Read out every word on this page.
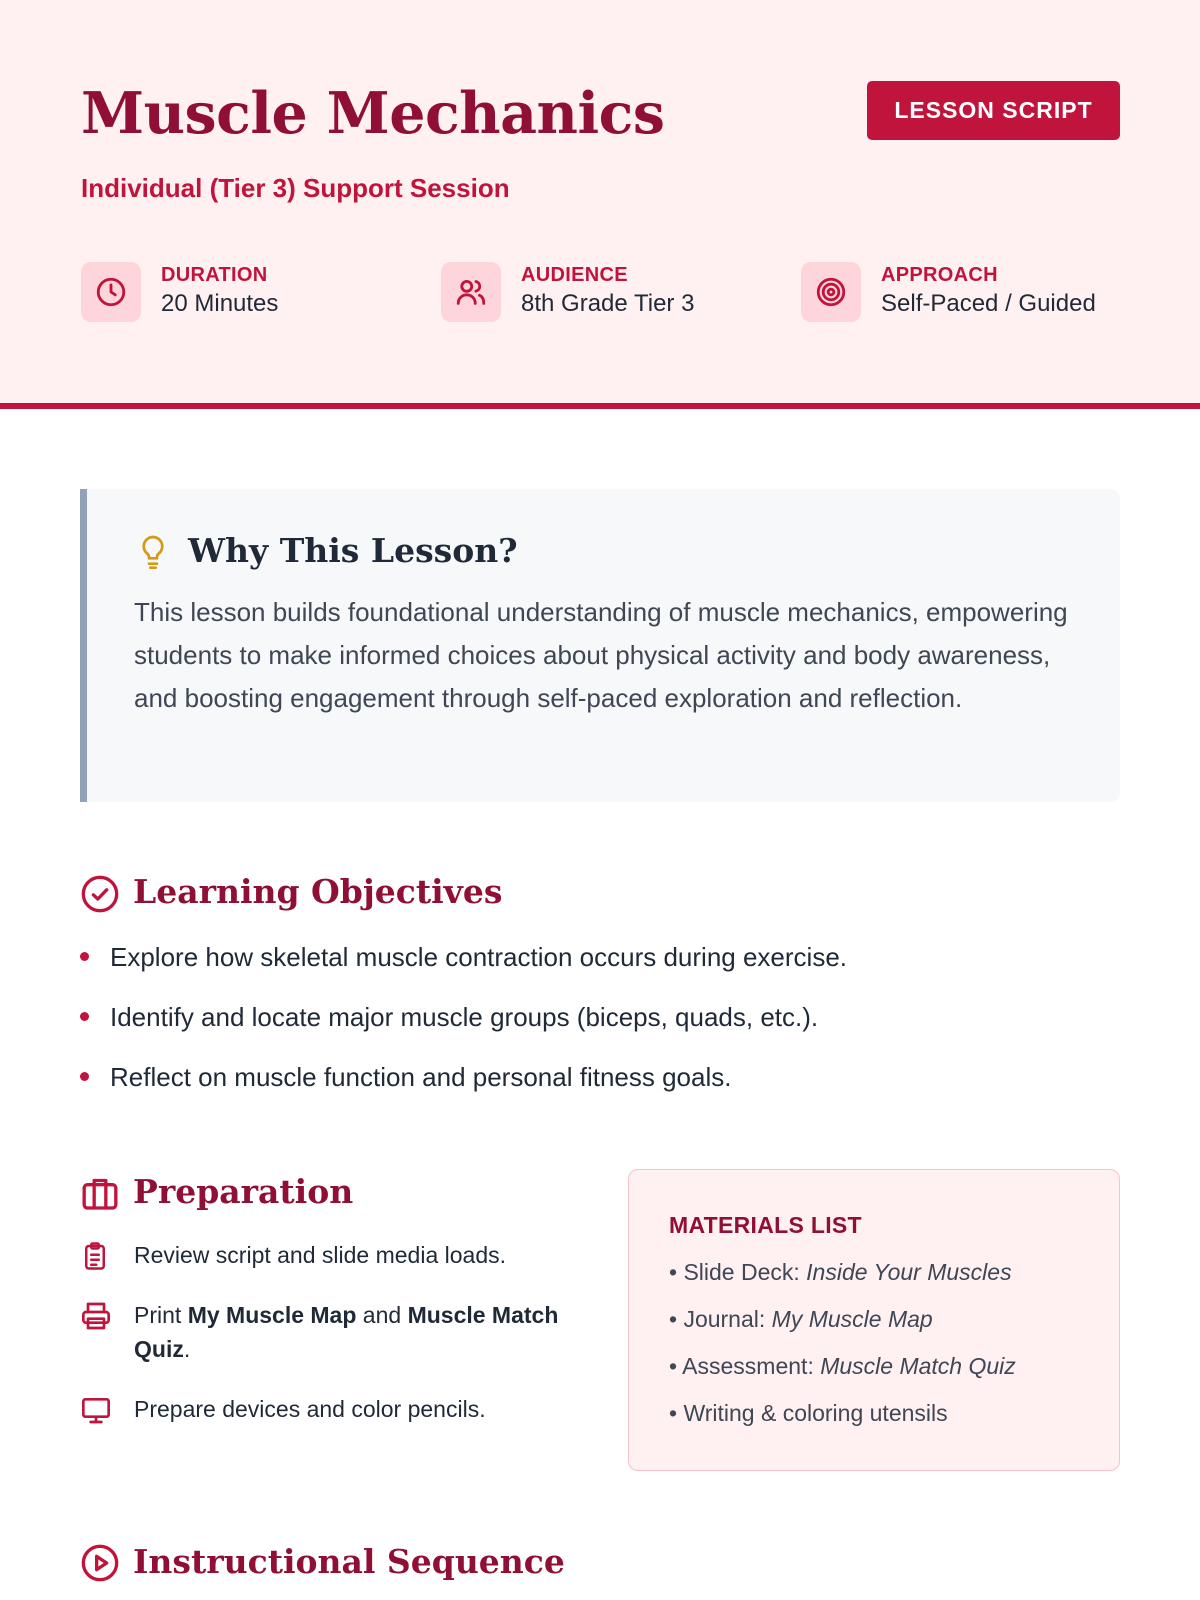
Muscle Mechanics
Individual (Tier 3) Support Session
LESSON SCRIPT
DURATION
20 Minutes
AUDIENCE
8th Grade Tier 3
APPROACH
Self-Paced / Guided
Why This Lesson?

This lesson builds foundational understanding of muscle mechanics, empowering students to make informed choices about physical activity and body awareness, and boosting engagement through self-paced exploration and reflection.

Learning Objectives
Explore how skeletal muscle contraction occurs during exercise.
Identify and locate major muscle groups (biceps, quads, etc.).
Reflect on muscle function and personal fitness goals.
Preparation
Review script and slide media loads.
Print My Muscle Map and Muscle Match Quiz.
Prepare devices and color pencils.
MATERIALS LIST
• Slide Deck: Inside Your Muscles
• Journal: My Muscle Map
• Assessment: Muscle Match Quiz
• Writing & coloring utensils
Instructional Sequence
